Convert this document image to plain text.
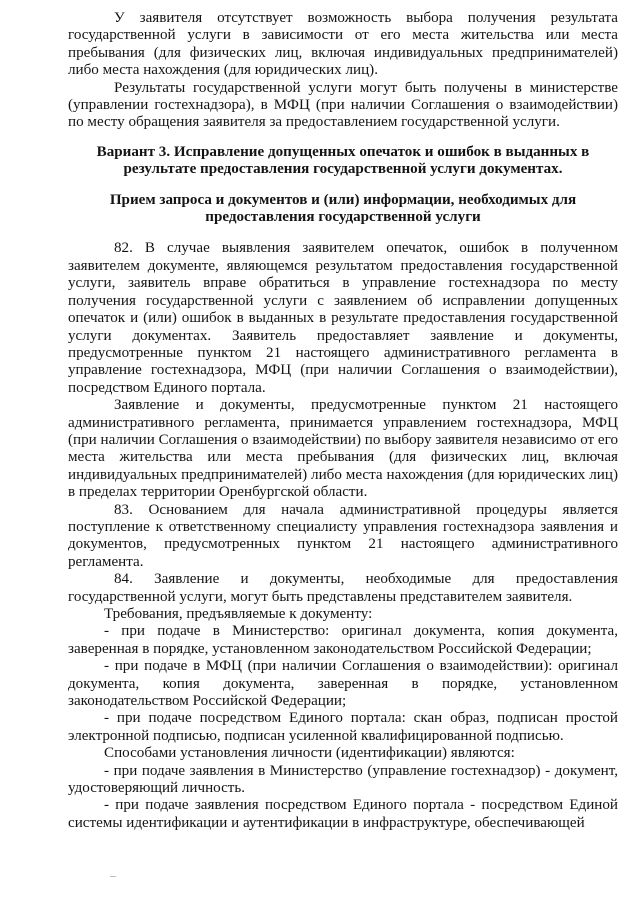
У заявителя отсутствует возможность выбора получения результата государственной услуги в зависимости от его места жительства или места пребывания (для физических лиц, включая индивидуальных предпринимателей) либо места нахождения (для юридических лиц).

Результаты государственной услуги могут быть получены в министерстве (управлении гостехнадзора), в МФЦ (при наличии Соглашения о взаимодействии) по месту обращения заявителя за предоставлением государственной услуги.

Вариант 3. Исправление допущенных опечаток и ошибок в выданных в результате предоставления государственной услуги документах.
Прием запроса и документов и (или) информации, необходимых для предоставления государственной услуги

82. В случае выявления заявителем опечаток, ошибок в полученном заявителем документе, являющемся результатом предоставления государственной услуги, заявитель вправе обратиться в управление гостехнадзора по месту получения государственной услуги с заявлением об исправлении допущенных опечаток и (или) ошибок в выданных в результате предоставления государственной услуги документах. Заявитель предоставляет заявление и документы, предусмотренные пунктом 21 настоящего административного регламента в управление гостехнадзора, МФЦ (при наличии Соглашения о взаимодействии), посредством Единого портала.

Заявление и документы, предусмотренные пунктом 21 настоящего административного регламента, принимается управлением гостехнадзора, МФЦ (при наличии Соглашения о взаимодействии) по выбору заявителя независимо от его места жительства или места пребывания (для физических лиц, включая индивидуальных предпринимателей) либо места нахождения (для юридических лиц) в пределах территории Оренбургской области.

83. Основанием для начала административной процедуры является поступление к ответственному специалисту управления гостехнадзора заявления и документов, предусмотренных пунктом 21 настоящего административного регламента.

84. Заявление и документы, необходимые для предоставления государственной услуги, могут быть представлены представителем заявителя.

Требования, предъявляемые к документу:

- при подаче в Министерство: оригинал документа, копия документа, заверенная в порядке, установленном законодательством Российской Федерации;

- при подаче в МФЦ (при наличии Соглашения о взаимодействии): оригинал документа, копия документа, заверенная в порядке, установленном законодательством Российской Федерации;

- при подаче посредством Единого портала: скан образ, подписан простой электронной подписью, подписан усиленной квалифицированной подписью.

Способами установления личности (идентификации) являются:

- при подаче заявления в Министерство (управление гостехнадзор) - документ, удостоверяющий личность.

- при подаче заявления посредством Единого портала - посредством Единой системы идентификации и аутентификации в инфраструктуре, обеспечивающей
